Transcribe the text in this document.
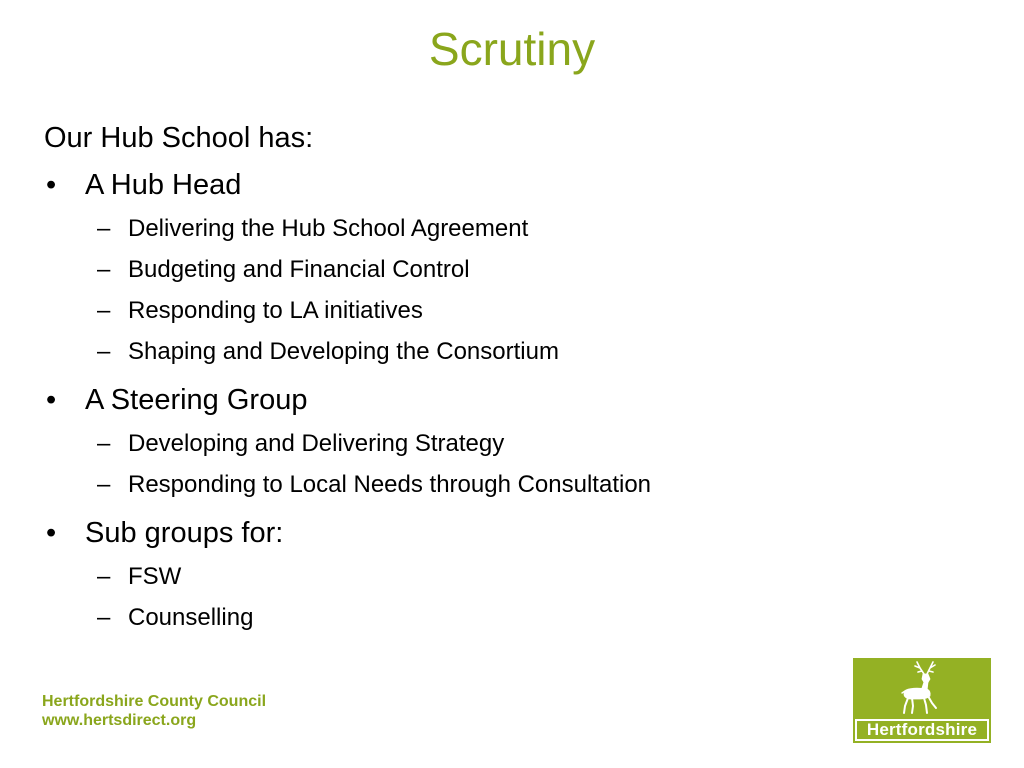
Scrutiny

Our Hub School has:

• A Hub Head
– Delivering the Hub School Agreement
– Budgeting and Financial Control
– Responding to LA initiatives
– Shaping and Developing the Consortium
• A Steering Group
– Developing and Delivering Strategy
– Responding to Local Needs through Consultation
• Sub groups for:
– FSW
– Counselling
Hertfordshire County Council
www.hertsdirect.org	Hertfordshire
